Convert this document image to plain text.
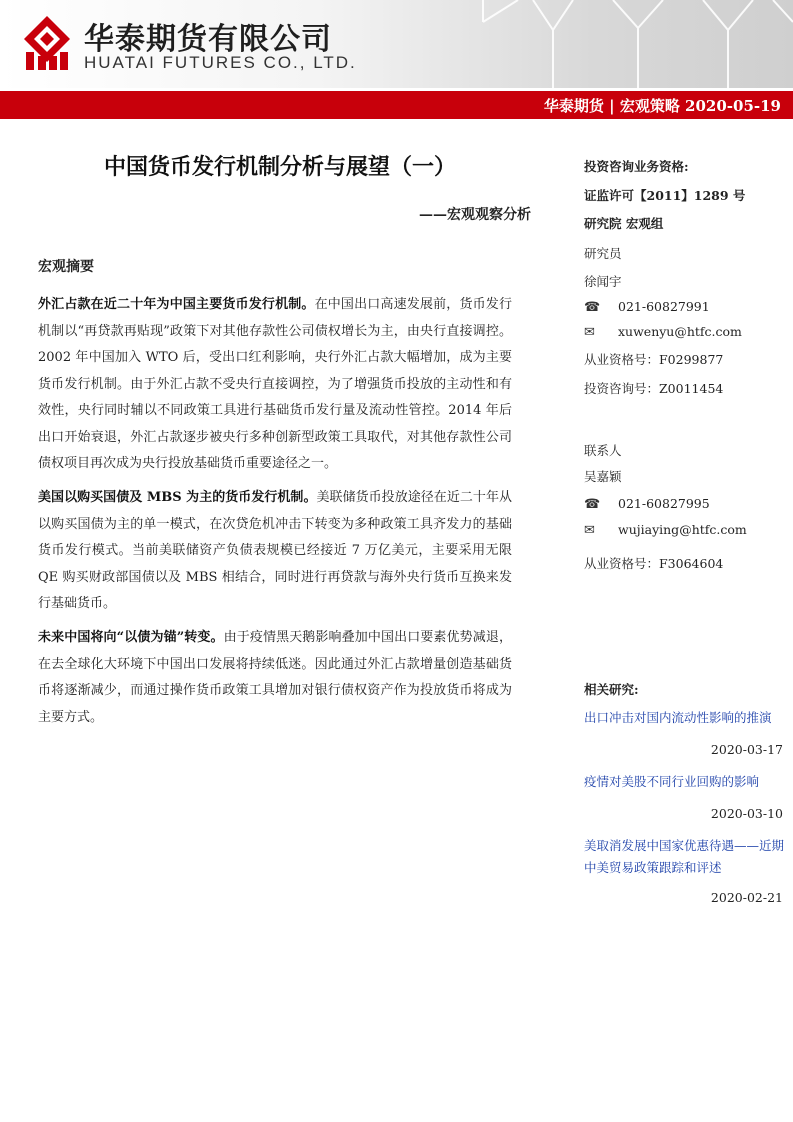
华泰期货有限公司
HUATAI FUTURES CO., LTD.
华泰期货 | 宏观策略 2020-05-19
中国货币发行机制分析与展望（一）
——宏观观察分析
宏观摘要
外汇占款在近二十年为中国主要货币发行机制。在中国出口高速发展前，货币发行机制以“再贷款再贴现”政策下对其他存款性公司债权增长为主，由央行直接调控。2002 年中国加入 WTO 后，受出口红利影响，央行外汇占款大幅增加，成为主要货币发行机制。由于外汇占款不受央行直接调控，为了增强货币投放的主动性和有效性，央行同时辅以不同政策工具进行基础货币发行量及流动性管控。2014 年后出口开始衰退，外汇占款逐步被央行多种创新型政策工具取代，对其他存款性公司债权项目再次成为央行投放基础货币重要途径之一。
美国以购买国债及 MBS 为主的货币发行机制。美联储货币投放途径在近二十年从以购买国债为主的单一模式，在次贷危机冲击下转变为多种政策工具齐发力的基础货币发行模式。当前美联储资产负债表规模已经接近 7 万亿美元，主要采用无限 QE 购买财政部国债以及 MBS 相结合，同时进行再贷款与海外央行货币互换来发行基础货币。
未来中国将向“以债为锚”转变。由于疫情黑天鹅影响叠加中国出口要素优势减退，在去全球化大环境下中国出口发展将持续低迷。因此通过外汇占款增量创造基础货币将逐渐减少，而通过操作货币政策工具增加对银行债权资产作为投放货币将成为主要方式。
投资咨询业务资格:
证监许可【2011】1289 号
研究院 宏观组
研究员
徐闻宇
☎ 021-60827991
✉ xuwenyu@htfc.com
从业资格号：F0299877
投资咨询号：Z0011454
联系人
吴嘉颖
☎ 021-60827995
✉ wujiaying@htfc.com
从业资格号：F3064604
相关研究:
出口冲击对国内流动性影响的推演
2020-03-17
疫情对美股不同行业回购的影响
2020-03-10
美取消发展中国家优惠待遇——近期中美贸易政策跟踪和评述
2020-02-21
